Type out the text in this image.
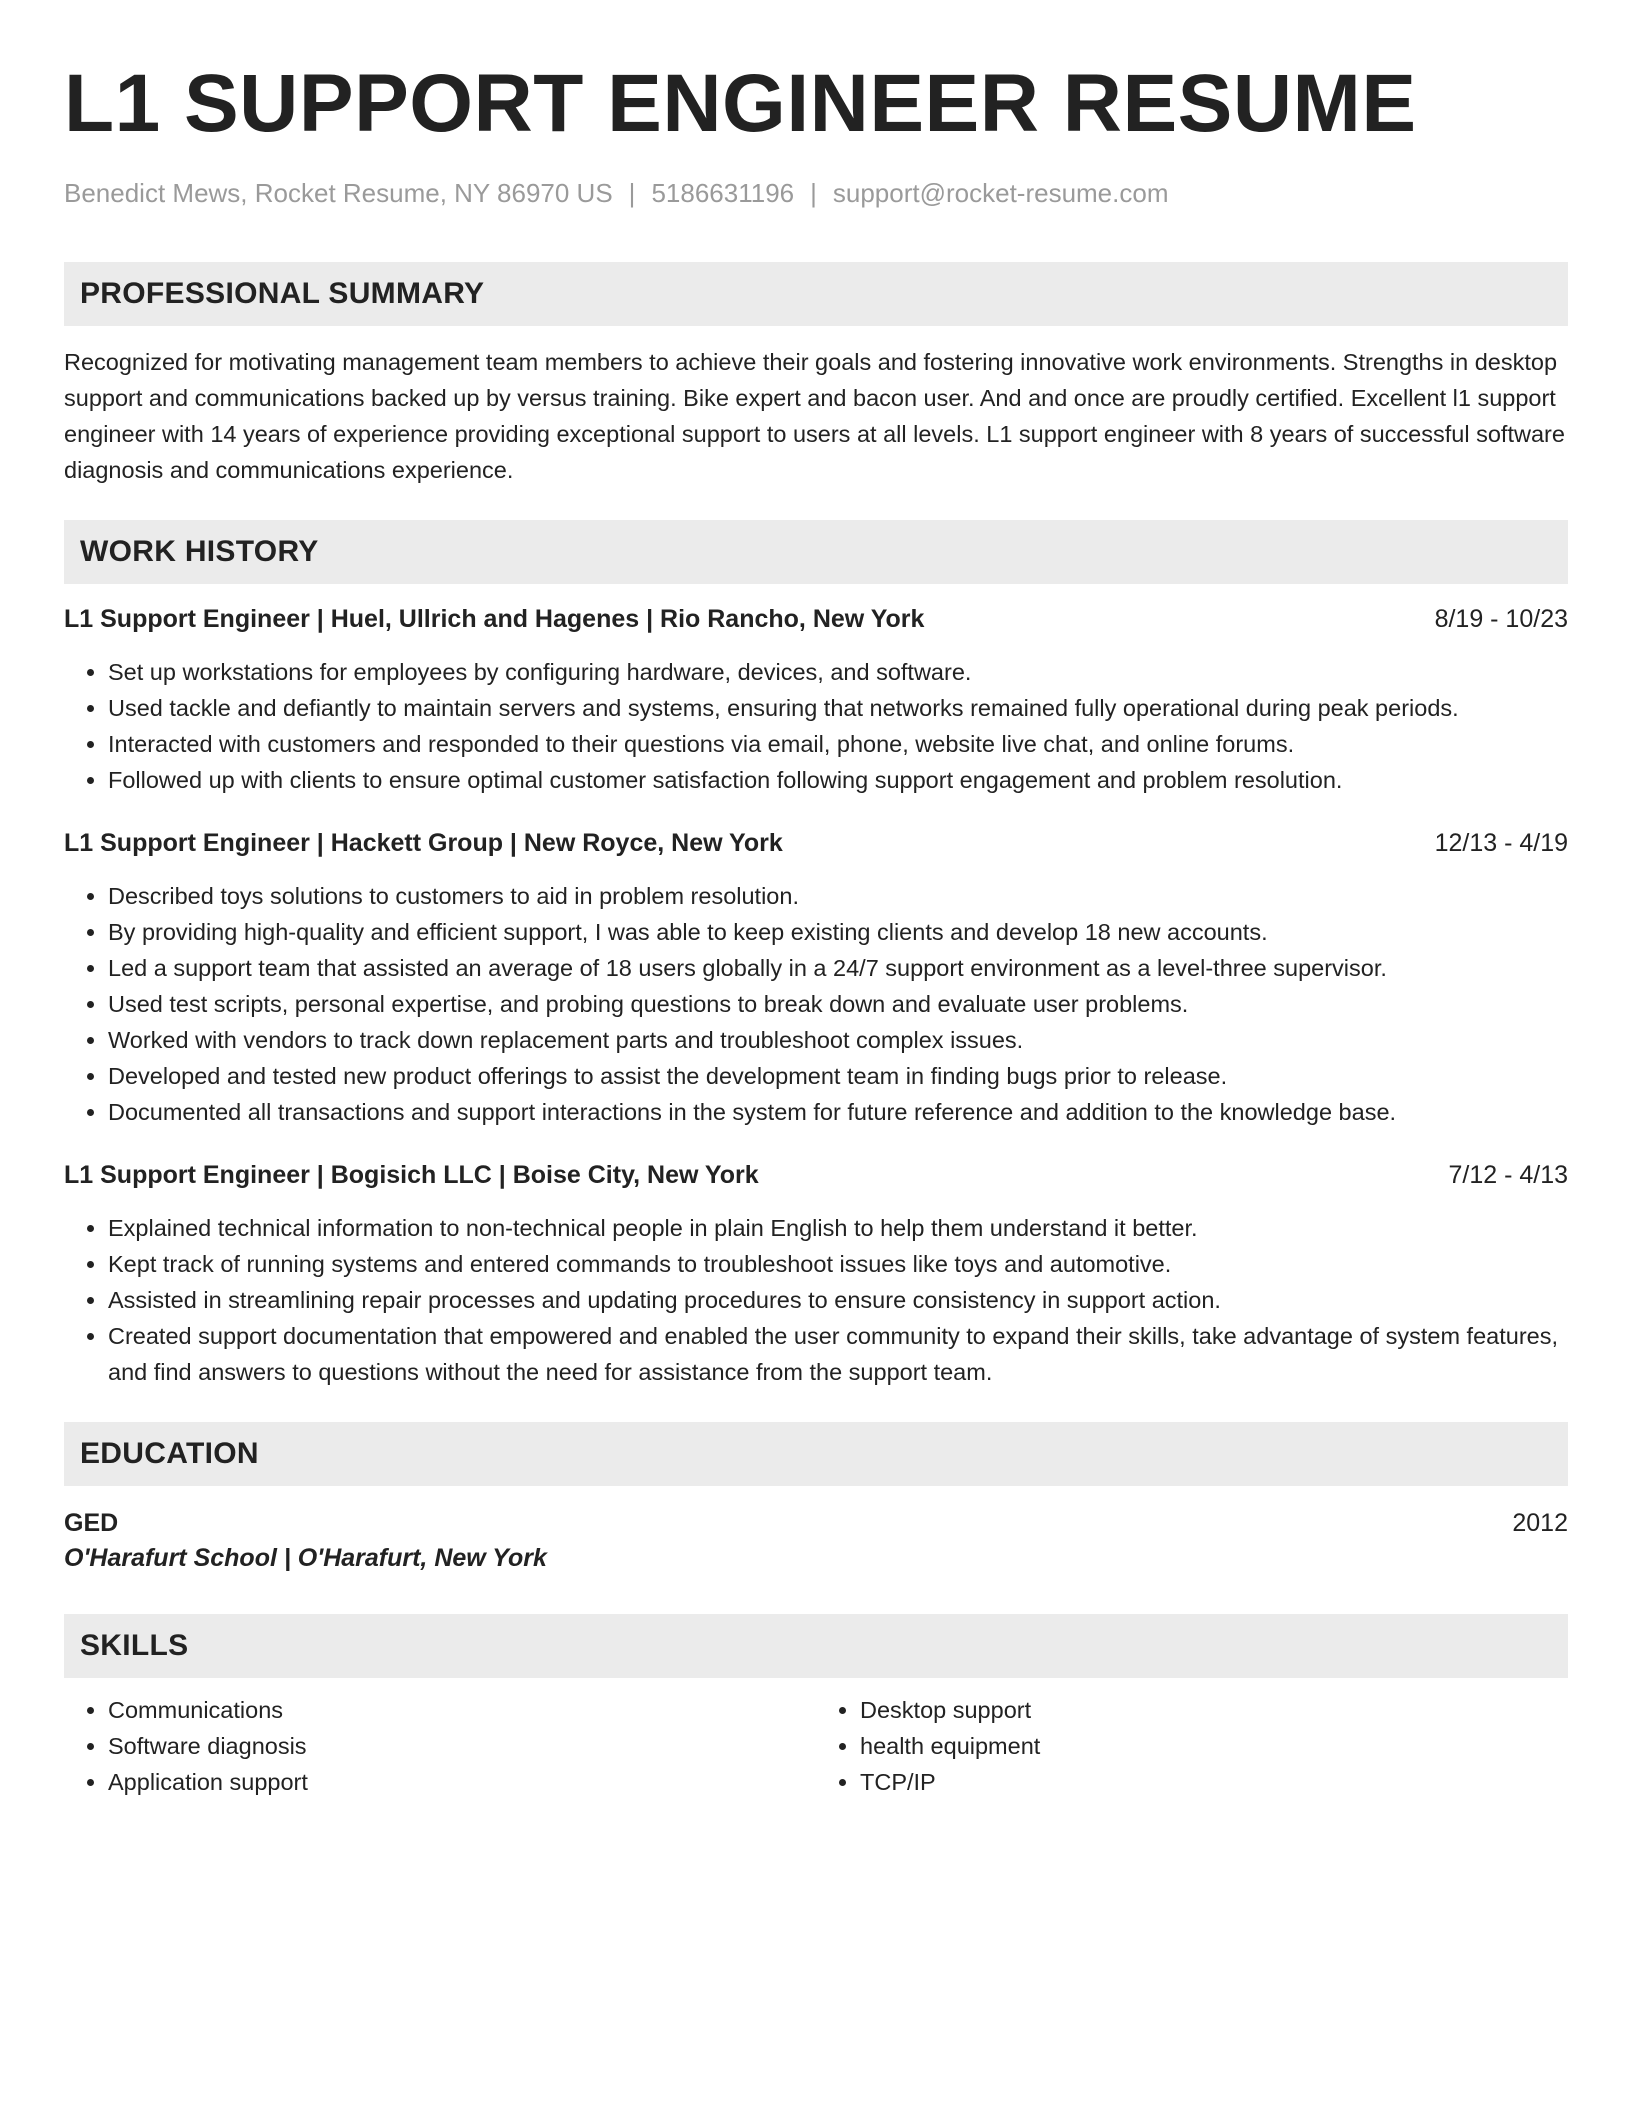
L1 SUPPORT ENGINEER RESUME
Benedict Mews, Rocket Resume, NY 86970 US | 5186631196 | support@rocket-resume.com
PROFESSIONAL SUMMARY

Recognized for motivating management team members to achieve their goals and fostering innovative work environments. Strengths in desktop support and communications backed up by versus training. Bike expert and bacon user. And and once are proudly certified. Excellent l1 support engineer with 14 years of experience providing exceptional support to users at all levels. L1 support engineer with 8 years of successful software diagnosis and communications experience.

WORK HISTORY
L1 Support Engineer | Huel, Ullrich and Hagenes | Rio Rancho, New York	8/19 - 10/23
• Set up workstations for employees by configuring hardware, devices, and software.
• Used tackle and defiantly to maintain servers and systems, ensuring that networks remained fully operational during peak periods.
• Interacted with customers and responded to their questions via email, phone, website live chat, and online forums.
• Followed up with clients to ensure optimal customer satisfaction following support engagement and problem resolution.
L1 Support Engineer | Hackett Group | New Royce, New York	12/13 - 4/19
• Described toys solutions to customers to aid in problem resolution.
• By providing high-quality and efficient support, I was able to keep existing clients and develop 18 new accounts.
• Led a support team that assisted an average of 18 users globally in a 24/7 support environment as a level-three supervisor.
• Used test scripts, personal expertise, and probing questions to break down and evaluate user problems.
• Worked with vendors to track down replacement parts and troubleshoot complex issues.
• Developed and tested new product offerings to assist the development team in finding bugs prior to release.
• Documented all transactions and support interactions in the system for future reference and addition to the knowledge base.
L1 Support Engineer | Bogisich LLC | Boise City, New York	7/12 - 4/13
• Explained technical information to non-technical people in plain English to help them understand it better.
• Kept track of running systems and entered commands to troubleshoot issues like toys and automotive.
• Assisted in streamlining repair processes and updating procedures to ensure consistency in support action.
• Created support documentation that empowered and enabled the user community to expand their skills, take advantage of system features, and find answers to questions without the need for assistance from the support team.
EDUCATION
GED	2012
O'Harafurt School | O'Harafurt, New York
SKILLS
• Communications
• Software diagnosis
• Application support
• Desktop support
• health equipment
• TCP/IP
